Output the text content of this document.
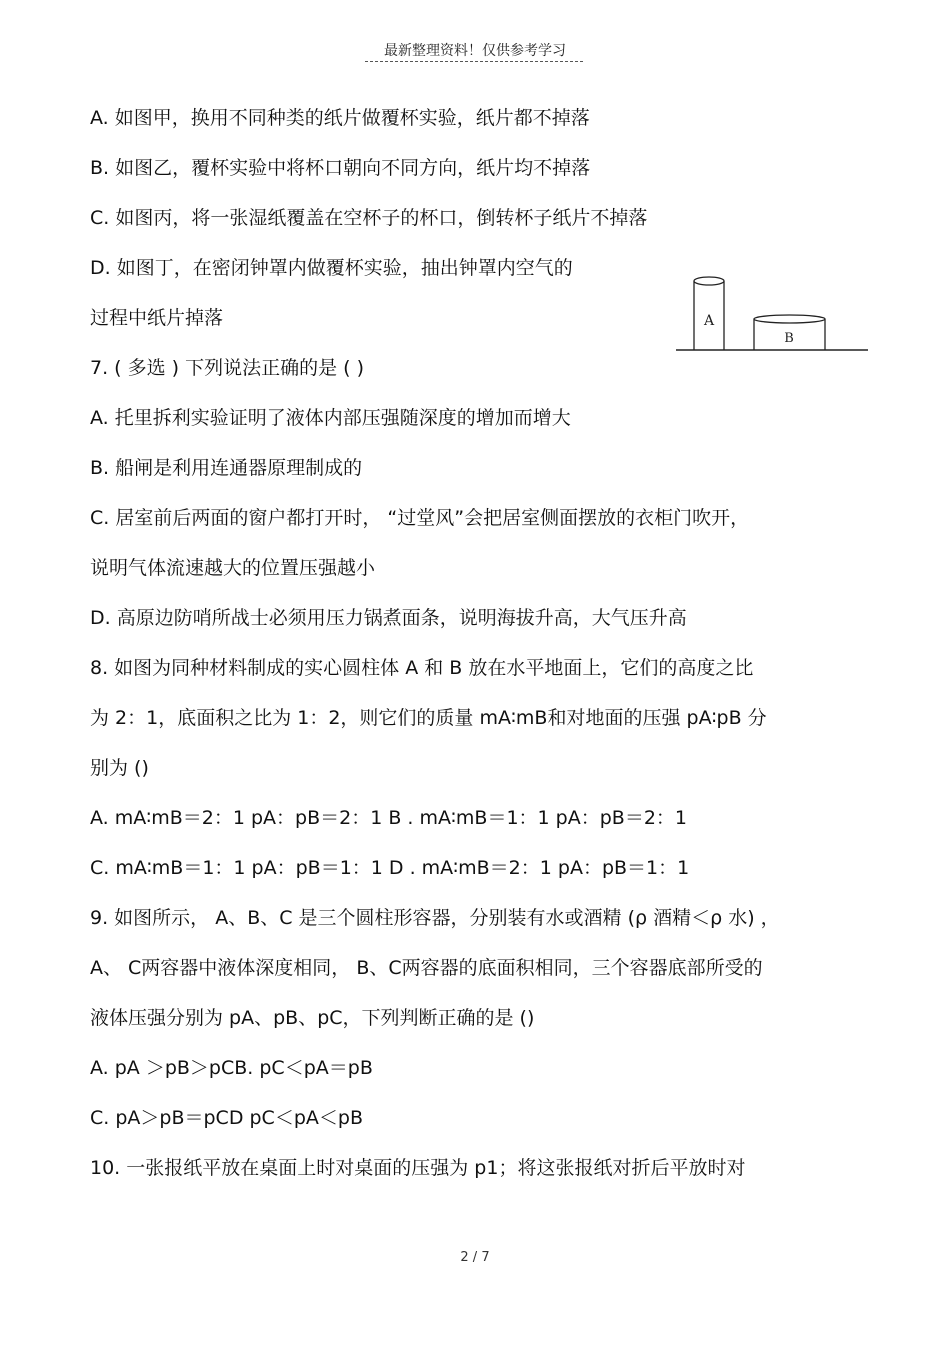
最新整理资料！仅供参考学习
A. 如图甲，换用不同种类的纸片做覆杯实验，纸片都不掉落
B. 如图乙，覆杯实验中将杯口朝向不同方向，纸片均不掉落
C. 如图丙，将一张湿纸覆盖在空杯子的杯口，倒转杯子纸片不掉落
D. 如图丁，在密闭钟罩内做覆杯实验，抽出钟罩内空气的
过程中纸片掉落
7. ( 多选 ) 下列说法正确的是 ( )
A. 托里拆利实验证明了液体内部压强随深度的增加而增大
B. 船闸是利用连通器原理制成的
C. 居室前后两面的窗户都打开时， “过堂风”会把居室侧面摆放的衣柜门吹开，
说明气体流速越大的位置压强越小
D. 高原边防哨所战士必须用压力锅煮面条，说明海拔升高，大气压升高
8. 如图为同种材料制成的实心圆柱体 A 和 B 放在水平地面上，它们的高度之比
为 2：1，底面积之比为 1：2，则它们的质量 mA∶mB和对地面的压强 pA∶pB 分
别为 ()
A. mA∶mB＝2：1 pA：pB＝2：1 B . mA∶mB＝1：1 pA：pB＝2：1
C. mA∶mB＝1：1 pA：pB＝1：1 D . mA∶mB＝2：1 pA：pB＝1：1
9. 如图所示， A、B、C 是三个圆柱形容器，分别装有水或酒精 (ρ 酒精＜ρ 水) ，
A、 C两容器中液体深度相同， B、C两容器的底面积相同，三个容器底部所受的
液体压强分别为 pA、pB、pC，下列判断正确的是 ()
A. pA ＞pB＞pCB. pC＜pA＝pB
C. pA＞pB＝pCD pC＜pA＜pB
10. 一张报纸平放在桌面上时对桌面的压强为 p1；将这张报纸对折后平放时对
A
B
2 / 7
